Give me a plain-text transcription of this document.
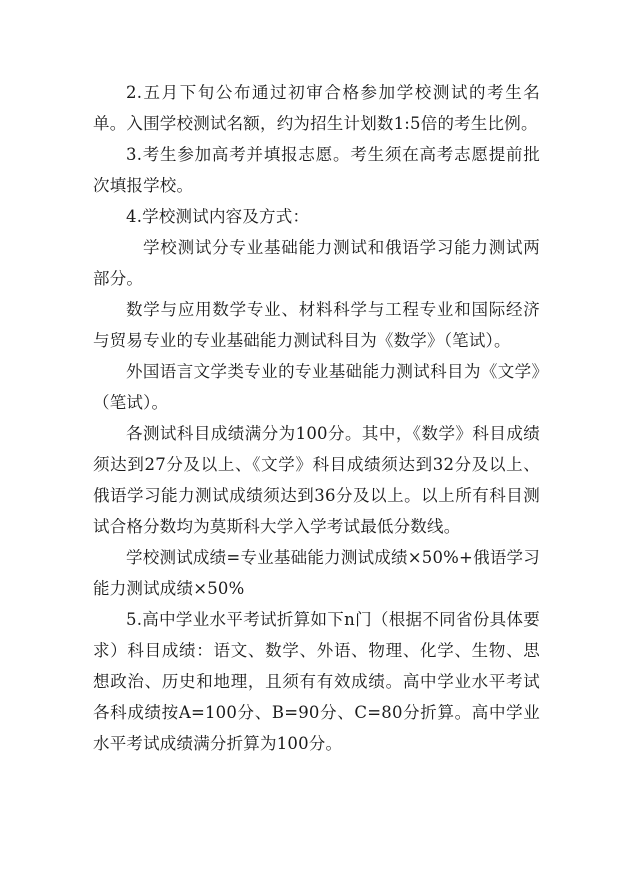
2.五月下旬公布通过初审合格参加学校测试的考生名单。入围学校测试名额，约为招生计划数1:5倍的考生比例。

3.考生参加高考并填报志愿。考生须在高考志愿提前批次填报学校。

4.学校测试内容及方式：

学校测试分专业基础能力测试和俄语学习能力测试两部分。

数学与应用数学专业、材料科学与工程专业和国际经济与贸易专业的专业基础能力测试科目为《数学》（笔试）。

外国语言文学类专业的专业基础能力测试科目为《文学》（笔试）。

各测试科目成绩满分为100分。其中，《数学》科目成绩须达到27分及以上、《文学》科目成绩须达到32分及以上、俄语学习能力测试成绩须达到36分及以上。以上所有科目测试合格分数均为莫斯科大学入学考试最低分数线。

学校测试成绩=专业基础能力测试成绩×50%+俄语学习能力测试成绩×50%

5.高中学业水平考试折算如下n门（根据不同省份具体要求）科目成绩：语文、数学、外语、物理、化学、生物、思想政治、历史和地理，且须有有效成绩。高中学业水平考试各科成绩按A=100分、B=90分、C=80分折算。高中学业水平考试成绩满分折算为100分。
